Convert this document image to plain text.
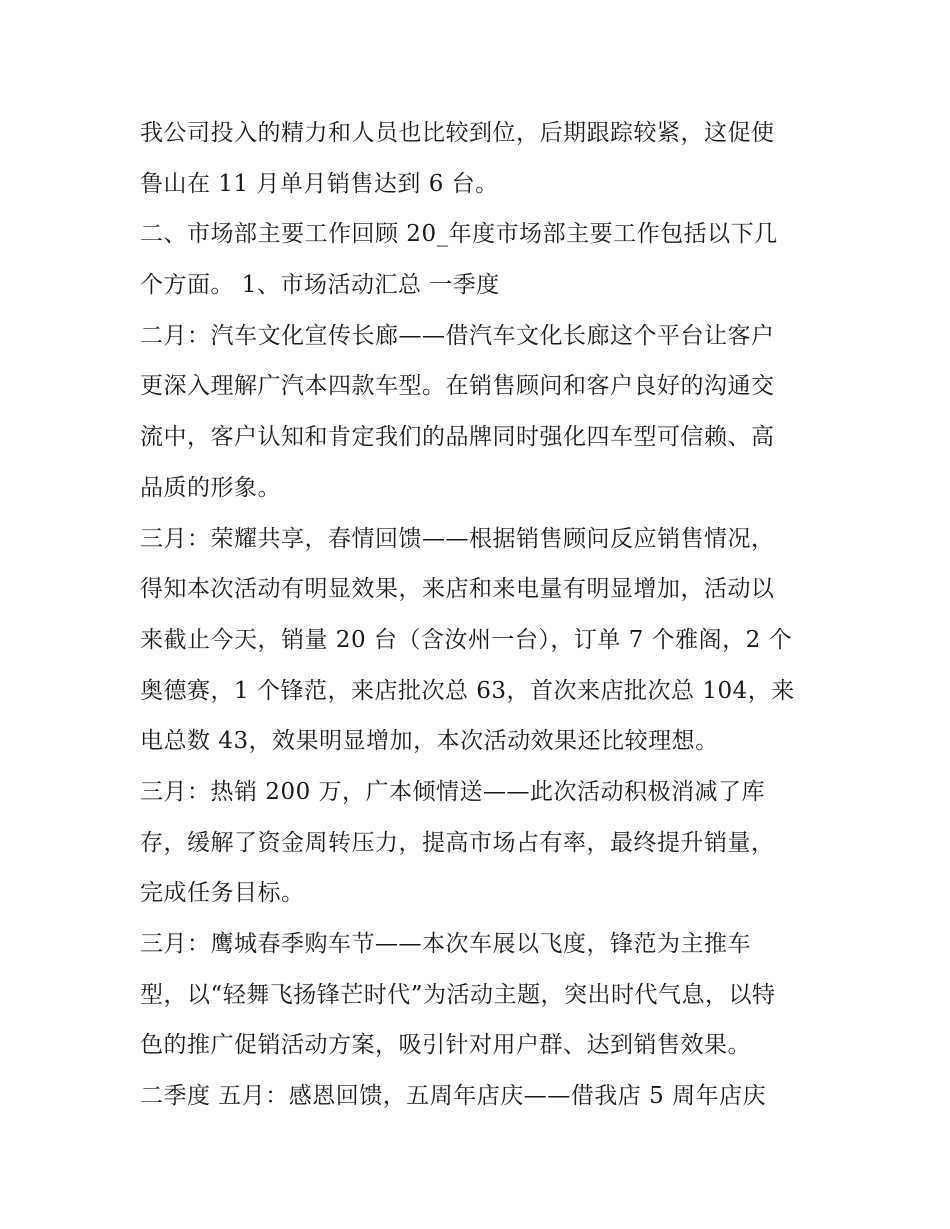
我公司投入的精力和人员也比较到位，后期跟踪较紧，这促使
鲁山在 11 月单月销售达到 6 台。
二、市场部主要工作回顾 20_年度市场部主要工作包括以下几
个方面。 1、市场活动汇总 一季度
二月：汽车文化宣传长廊——借汽车文化长廊这个平台让客户
更深入理解广汽本四款车型。在销售顾问和客户良好的沟通交
流中，客户认知和肯定我们的品牌同时强化四车型可信赖、高
品质的形象。
三月：荣耀共享，春情回馈——根据销售顾问反应销售情况，
得知本次活动有明显效果，来店和来电量有明显增加，活动以
来截止今天，销量 20 台（含汝州一台），订单 7 个雅阁，2 个
奥德赛，1 个锋范，来店批次总 63，首次来店批次总 104，来
电总数 43，效果明显增加，本次活动效果还比较理想。
三月：热销 200 万，广本倾情送——此次活动积极消减了库
存，缓解了资金周转压力，提高市场占有率，最终提升销量，
完成任务目标。
三月：鹰城春季购车节——本次车展以飞度，锋范为主推车
型，以“轻舞飞扬锋芒时代”为活动主题，突出时代气息，以特
色的推广促销活动方案，吸引针对用户群、达到销售效果。
二季度 五月：感恩回馈，五周年店庆——借我店 5 周年店庆
